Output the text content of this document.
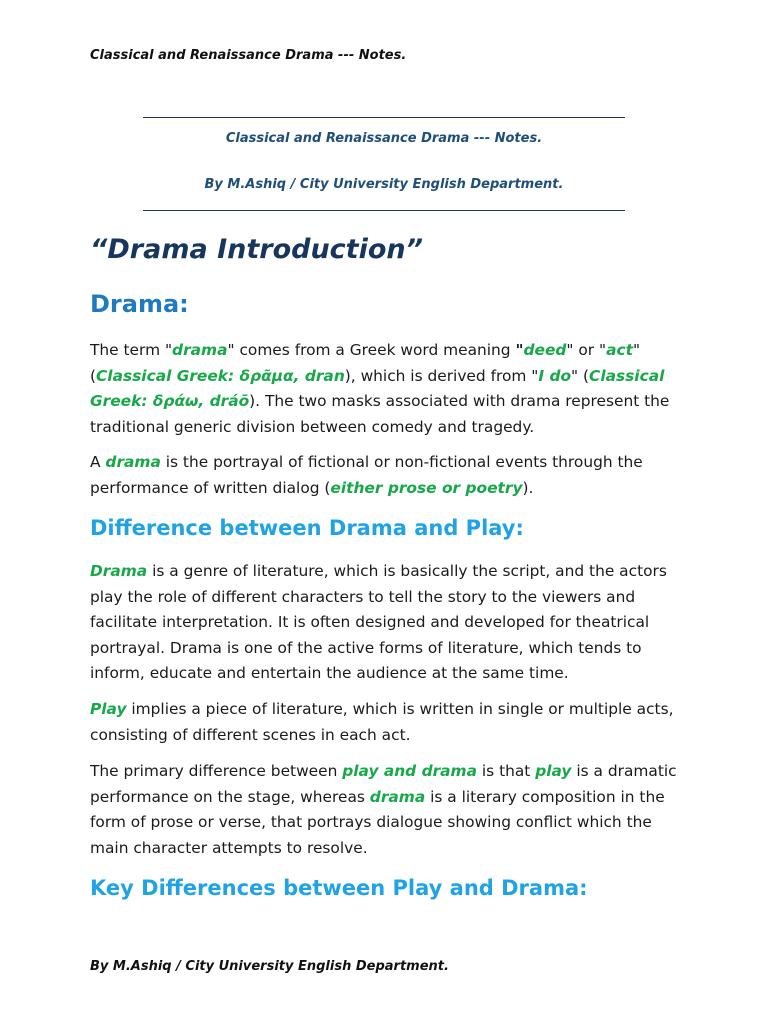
Classical and Renaissance Drama --- Notes.
Classical and Renaissance Drama --- Notes.
By M.Ashiq / City University English Department.
“Drama Introduction”
Drama:

The term "drama" comes from a Greek word meaning "deed" or "act" (Classical Greek: δρᾶμα, dran), which is derived from "I do" (Classical Greek: δράω, dráō). The two masks associated with drama represent the traditional generic division between comedy and tragedy.

A drama is the portrayal of fictional or non-fictional events through the performance of written dialog (either prose or poetry).

Difference between Drama and Play:

Drama is a genre of literature, which is basically the script, and the actors play the role of different characters to tell the story to the viewers and facilitate interpretation. It is often designed and developed for theatrical portrayal. Drama is one of the active forms of literature, which tends to inform, educate and entertain the audience at the same time.

Play implies a piece of literature, which is written in single or multiple acts, consisting of different scenes in each act.

The primary difference between play and drama is that play is a dramatic performance on the stage, whereas drama is a literary composition in the form of prose or verse, that portrays dialogue showing conflict which the main character attempts to resolve.

Key Differences between Play and Drama:
By M.Ashiq / City University English Department.
